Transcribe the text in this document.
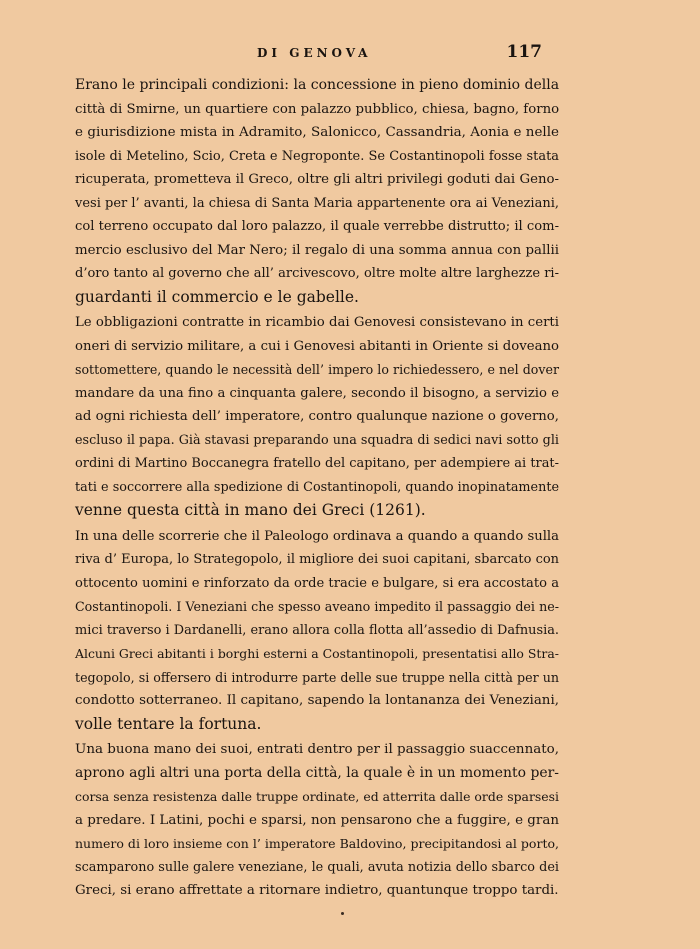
DI GENOVA	117
Erano le principali condizioni: la concessione in pieno dominio della
città di Smirne, un quartiere con palazzo pubblico, chiesa, bagno, forno
e giurisdizione mista in Adramito, Salonicco, Cassandria, Aonia e nelle
isole di Metelino, Scio, Creta e Negroponte. Se Costantinopoli fosse stata
ricuperata, prometteva il Greco, oltre gli altri privilegi goduti dai Geno-
vesi per l’ avanti, la chiesa di Santa Maria appartenente ora ai Veneziani,
col terreno occupato dal loro palazzo, il quale verrebbe distrutto; il com-
mercio esclusivo del Mar Nero; il regalo di una somma annua con pallii
d’oro tanto al governo che all’ arcivescovo, oltre molte altre larghezze ri-
guardanti il commercio e le gabelle.
Le obbligazioni contratte in ricambio dai Genovesi consistevano in certi
oneri di servizio militare, a cui i Genovesi abitanti in Oriente si doveano
sottomettere, quando le necessità dell’ impero lo richiedessero, e nel dover
mandare da una fino a cinquanta galere, secondo il bisogno, a servizio e
ad ogni richiesta dell’ imperatore, contro qualunque nazione o governo,
escluso il papa. Già stavasi preparando una squadra di sedici navi sotto gli
ordini di Martino Boccanegra fratello del capitano, per adempiere ai trat-
tati e soccorrere alla spedizione di Costantinopoli, quando inopinatamente
venne questa città in mano dei Greci (1261).
In una delle scorrerie che il Paleologo ordinava a quando a quando sulla
riva d’ Europa, lo Strategopolo, il migliore dei suoi capitani, sbarcato con
ottocento uomini e rinforzato da orde tracie e bulgare, si era accostato a
Costantinopoli. I Veneziani che spesso aveano impedito il passaggio dei ne-
mici traverso i Dardanelli, erano allora colla flotta all’assedio di Dafnusia.
Alcuni Greci abitanti i borghi esterni a Costantinopoli, presentatisi allo Stra-
tegopolo, si offersero di introdurre parte delle sue truppe nella città per un
condotto sotterraneo. Il capitano, sapendo la lontananza dei Veneziani,
volle tentare la fortuna.
Una buona mano dei suoi, entrati dentro per il passaggio suaccennato,
aprono agli altri una porta della città, la quale è in un momento per-
corsa senza resistenza dalle truppe ordinate, ed atterrita dalle orde sparsesi
a predare. I Latini, pochi e sparsi, non pensarono che a fuggire, e gran
numero di loro insieme con l’ imperatore Baldovino, precipitandosi al porto,
scamparono sulle galere veneziane, le quali, avuta notizia dello sbarco dei
Greci, si erano affrettate a ritornare indietro, quantunque troppo tardi.
